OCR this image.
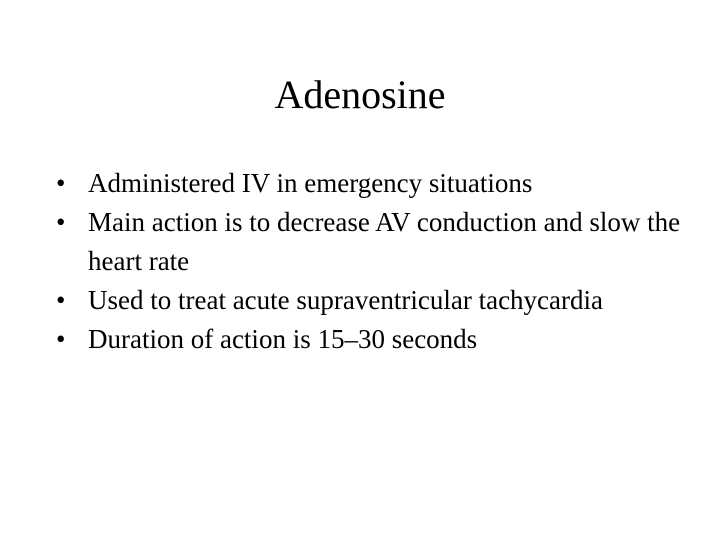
Adenosine
• Administered IV in emergency situations
• Main action is to decrease AV conduction and slow the heart rate
• Used to treat acute supraventricular tachycardia
• Duration of action is 15–30 seconds
